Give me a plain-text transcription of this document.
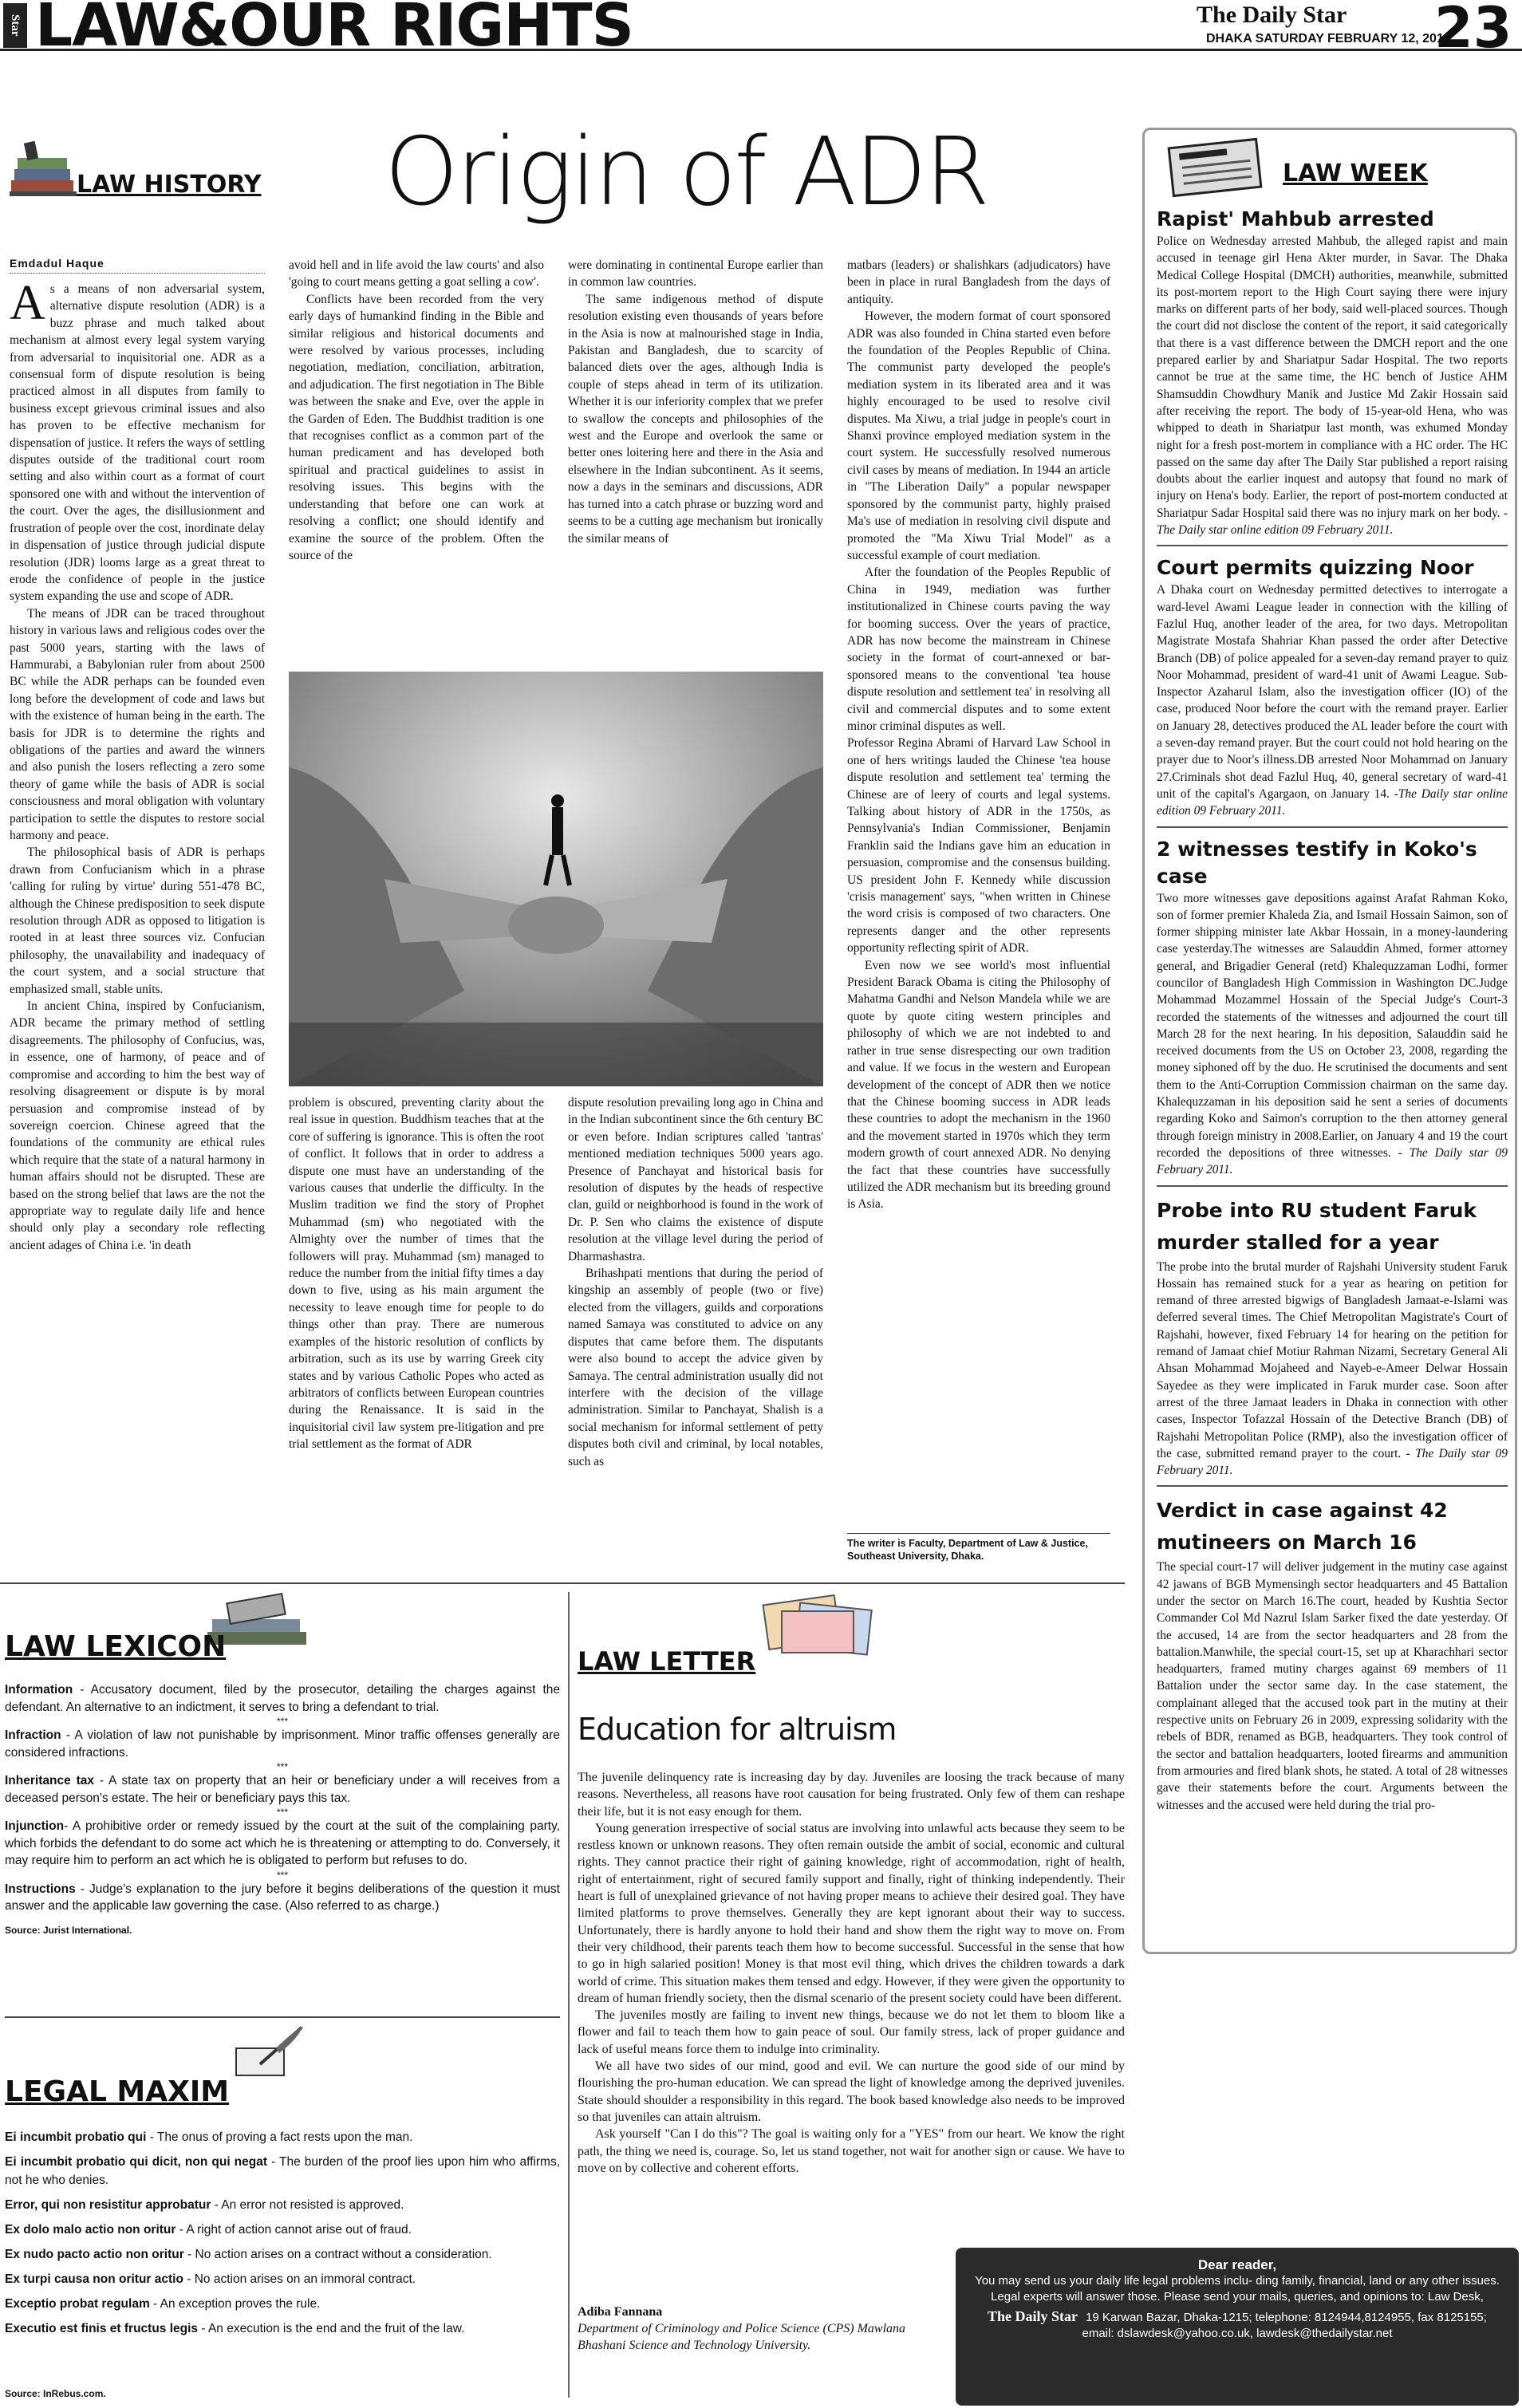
Star LAW&OUR RIGHTS	The Daily Star
DHAKA SATURDAY FEBRUARY 12, 2011
23
LAW HISTORY	Origin of ADR
Emdadul Haque

As a means of non adversarial system, alternative dispute resolution (ADR) is a buzz phrase and much talked about mechanism at almost every legal system varying from adversarial to inquisitorial one. ADR as a consensual form of dispute resolution is being practiced almost in all disputes from family to business except grievous criminal issues and also has proven to be effective mechanism for dispensation of justice. It refers the ways of settling disputes outside of the traditional court room setting and also within court as a format of court sponsored one with and without the intervention of the court. Over the ages, the disillusionment and frustration of people over the cost, inordinate delay in dispensation of justice through judicial dispute resolution (JDR) looms large as a great threat to erode the confidence of people in the justice system expanding the use and scope of ADR.

The means of JDR can be traced throughout history in various laws and religious codes over the past 5000 years, starting with the laws of Hammurabi, a Babylonian ruler from about 2500 BC while the ADR perhaps can be founded even long before the development of code and laws but with the existence of human being in the earth. The basis for JDR is to determine the rights and obligations of the parties and award the winners and also punish the losers reflecting a zero some theory of game while the basis of ADR is social consciousness and moral obligation with voluntary participation to settle the disputes to restore social harmony and peace.

The philosophical basis of ADR is perhaps drawn from Confucianism which in a phrase 'calling for ruling by virtue' during 551-478 BC, although the Chinese predisposition to seek dispute resolution through ADR as opposed to litigation is rooted in at least three sources viz. Confucian philosophy, the unavailability and inadequacy of the court system, and a social structure that emphasized small, stable units.

In ancient China, inspired by Confucianism, ADR became the primary method of settling disagreements. The philosophy of Confucius, was, in essence, one of harmony, of peace and of compromise and according to him the best way of resolving disagreement or dispute is by moral persuasion and compromise instead of by sovereign coercion. Chinese agreed that the foundations of the community are ethical rules which require that the state of a natural harmony in human affairs should not be disrupted. These are based on the strong belief that laws are the not the appropriate way to regulate daily life and hence should only play a secondary role reflecting ancient adages of China i.e. 'in death

avoid hell and in life avoid the law courts' and also 'going to court means getting a goat selling a cow'.

Conflicts have been recorded from the very early days of humankind finding in the Bible and similar religious and historical documents and were resolved by various processes, including negotiation, mediation, conciliation, arbitration, and adjudication. The first negotiation in The Bible was between the snake and Eve, over the apple in the Garden of Eden. The Buddhist tradition is one that recognises conflict as a common part of the human predicament and has developed both spiritual and practical guidelines to assist in resolving issues. This begins with the understanding that before one can work at resolving a conflict; one should identify and examine the source of the problem. Often the source of the

were dominating in continental Europe earlier than in common law countries.

The same indigenous method of dispute resolution existing even thousands of years before in the Asia is now at malnourished stage in India, Pakistan and Bangladesh, due to scarcity of balanced diets over the ages, although India is couple of steps ahead in term of its utilization. Whether it is our inferiority complex that we prefer to swallow the concepts and philosophies of the west and the Europe and overlook the same or better ones loitering here and there in the Asia and elsewhere in the Indian subcontinent. As it seems, now a days in the seminars and discussions, ADR has turned into a catch phrase or buzzing word and seems to be a cutting age mechanism but ironically the similar means of

problem is obscured, preventing clarity about the real issue in question. Buddhism teaches that at the core of suffering is ignorance. This is often the root of conflict. It follows that in order to address a dispute one must have an understanding of the various causes that underlie the difficulty. In the Muslim tradition we find the story of Prophet Muhammad (sm) who negotiated with the Almighty over the number of times that the followers will pray. Muhammad (sm) managed to reduce the number from the initial fifty times a day down to five, using as his main argument the necessity to leave enough time for people to do things other than pray. There are numerous examples of the historic resolution of conflicts by arbitration, such as its use by warring Greek city states and by various Catholic Popes who acted as arbitrators of conflicts between European countries during the Renaissance. It is said in the inquisitorial civil law system pre-litigation and pre trial settlement as the format of ADR

dispute resolution prevailing long ago in China and in the Indian subcontinent since the 6th century BC or even before. Indian scriptures called 'tantras' mentioned mediation techniques 5000 years ago. Presence of Panchayat and historical basis for resolution of disputes by the heads of respective clan, guild or neighborhood is found in the work of Dr. P. Sen who claims the existence of dispute resolution at the village level during the period of Dharmashastra.

Brihashpati mentions that during the period of kingship an assembly of people (two or five) elected from the villagers, guilds and corporations named Samaya was constituted to advice on any disputes that came before them. The disputants were also bound to accept the advice given by Samaya. The central administration usually did not interfere with the decision of the village administration. Similar to Panchayat, Shalish is a social mechanism for informal settlement of petty disputes both civil and criminal, by local notables, such as

matbars (leaders) or shalishkars (adjudicators) have been in place in rural Bangladesh from the days of antiquity.

However, the modern format of court sponsored ADR was also founded in China started even before the foundation of the Peoples Republic of China. The communist party developed the people's mediation system in its liberated area and it was highly encouraged to be used to resolve civil disputes. Ma Xiwu, a trial judge in people's court in Shanxi province employed mediation system in the court system. He successfully resolved numerous civil cases by means of mediation. In 1944 an article in "The Liberation Daily" a popular newspaper sponsored by the communist party, highly praised Ma's use of mediation in resolving civil dispute and promoted the "Ma Xiwu Trial Model" as a successful example of court mediation.

After the foundation of the Peoples Republic of China in 1949, mediation was further institutionalized in Chinese courts paving the way for booming success. Over the years of practice, ADR has now become the mainstream in Chinese society in the format of court-annexed or bar-sponsored means to the conventional 'tea house dispute resolution and settlement tea' in resolving all civil and commercial disputes and to some extent minor criminal disputes as well.

Professor Regina Abrami of Harvard Law School in one of hers writings lauded the Chinese 'tea house dispute resolution and settlement tea' terming the Chinese are of leery of courts and legal systems. Talking about history of ADR in the 1750s, as Pennsylvania's Indian Commissioner, Benjamin Franklin said the Indians gave him an education in persuasion, compromise and the consensus building. US president John F. Kennedy while discussion 'crisis management' says, "when written in Chinese the word crisis is composed of two characters. One represents danger and the other represents opportunity reflecting spirit of ADR.

Even now we see world's most influential President Barack Obama is citing the Philosophy of Mahatma Gandhi and Nelson Mandela while we are quote by quote citing western principles and philosophy of which we are not indebted to and rather in true sense disrespecting our own tradition and value. If we focus in the western and European development of the concept of ADR then we notice that the Chinese booming success in ADR leads these countries to adopt the mechanism in the 1960 and the movement started in 1970s which they term modern growth of court annexed ADR. No denying the fact that these countries have successfully utilized the ADR mechanism but its breeding ground is Asia.

The writer is Faculty, Department of Law & Justice, Southeast University, Dhaka.
LAW WEEK
Rapist' Mahbub arrested
Police on Wednesday arrested Mahbub, the alleged rapist and main accused in teenage girl Hena Akter murder, in Savar. The Dhaka Medical College Hospital (DMCH) authorities, meanwhile, submitted its post-mortem report to the High Court saying there were injury marks on different parts of her body, said well-placed sources. Though the court did not disclose the content of the report, it said categorically that there is a vast difference between the DMCH report and the one prepared earlier by and Shariatpur Sadar Hospital. The two reports cannot be true at the same time, the HC bench of Justice AHM Shamsuddin Chowdhury Manik and Justice Md Zakir Hossain said after receiving the report. The body of 15-year-old Hena, who was whipped to death in Shariatpur last month, was exhumed Monday night for a fresh post-mortem in compliance with a HC order. The HC passed on the same day after The Daily Star published a report raising doubts about the earlier inquest and autopsy that found no mark of injury on Hena's body. Earlier, the report of post-mortem conducted at Shariatpur Sadar Hospital said there was no injury mark on her body. -The Daily star online edition 09 February 2011.
Court permits quizzing Noor
A Dhaka court on Wednesday permitted detectives to interrogate a ward-level Awami League leader in connection with the killing of Fazlul Huq, another leader of the area, for two days. Metropolitan Magistrate Mostafa Shahriar Khan passed the order after Detective Branch (DB) of police appealed for a seven-day remand prayer to quiz Noor Mohammad, president of ward-41 unit of Awami League. Sub-Inspector Azaharul Islam, also the investigation officer (IO) of the case, produced Noor before the court with the remand prayer. Earlier on January 28, detectives produced the AL leader before the court with a seven-day remand prayer. But the court could not hold hearing on the prayer due to Noor's illness.DB arrested Noor Mohammad on January 27.Criminals shot dead Fazlul Huq, 40, general secretary of ward-41 unit of the capital's Agargaon, on January 14. -The Daily star online edition 09 February 2011.
2 witnesses testify in Koko's case
Two more witnesses gave depositions against Arafat Rahman Koko, son of former premier Khaleda Zia, and Ismail Hossain Saimon, son of former shipping minister late Akbar Hossain, in a money-laundering case yesterday.The witnesses are Salauddin Ahmed, former attorney general, and Brigadier General (retd) Khalequzzaman Lodhi, former councilor of Bangladesh High Commission in Washington DC.Judge Mohammad Mozammel Hossain of the Special Judge's Court-3 recorded the statements of the witnesses and adjourned the court till March 28 for the next hearing. In his deposition, Salauddin said he received documents from the US on October 23, 2008, regarding the money siphoned off by the duo. He scrutinised the documents and sent them to the Anti-Corruption Commission chairman on the same day. Khalequzzaman in his deposition said he sent a series of documents regarding Koko and Saimon's corruption to the then attorney general through foreign ministry in 2008.Earlier, on January 4 and 19 the court recorded the depositions of three witnesses. - The Daily star 09 February 2011.
Probe into RU student Faruk murder stalled for a year
The probe into the brutal murder of Rajshahi University student Faruk Hossain has remained stuck for a year as hearing on petition for remand of three arrested bigwigs of Bangladesh Jamaat-e-Islami was deferred several times. The Chief Metropolitan Magistrate's Court of Rajshahi, however, fixed February 14 for hearing on the petition for remand of Jamaat chief Motiur Rahman Nizami, Secretary General Ali Ahsan Mohammad Mojaheed and Nayeb-e-Ameer Delwar Hossain Sayedee as they were implicated in Faruk murder case. Soon after arrest of the three Jamaat leaders in Dhaka in connection with other cases, Inspector Tofazzal Hossain of the Detective Branch (DB) of Rajshahi Metropolitan Police (RMP), also the investigation officer of the case, submitted remand prayer to the court. - The Daily star 09 February 2011.
Verdict in case against 42 mutineers on March 16
The special court-17 will deliver judgement in the mutiny case against 42 jawans of BGB Mymensingh sector headquarters and 45 Battalion under the sector on March 16.The court, headed by Kushtia Sector Commander Col Md Nazrul Islam Sarker fixed the date yesterday. Of the accused, 14 are from the sector headquarters and 28 from the battalion.Manwhile, the special court-15, set up at Kharachhari sector headquarters, framed mutiny charges against 69 members of 11 Battalion under the sector same day. In the case statement, the complainant alleged that the accused took part in the mutiny at their respective units on February 26 in 2009, expressing solidarity with the rebels of BDR, renamed as BGB, headquarters. They took control of the sector and battalion headquarters, looted firearms and ammunition from armouries and fired blank shots, he stated. A total of 28 witnesses gave their statements before the court. Arguments between the witnesses and the accused were held during the trial pro-
LAW LEXICON

Information - Accusatory document, filed by the prosecutor, detailing the charges against the defendant. An alternative to an indictment, it serves to bring a defendant to trial.

***

Infraction - A violation of law not punishable by imprisonment. Minor traffic offenses generally are considered infractions.

***

Inheritance tax - A state tax on property that an heir or beneficiary under a will receives from a deceased person's estate. The heir or beneficiary pays this tax.

***

Injunction- A prohibitive order or remedy issued by the court at the suit of the complaining party, which forbids the defendant to do some act which he is threatening or attempting to do. Conversely, it may require him to perform an act which he is obligated to perform but refuses to do.

***

Instructions - Judge's explanation to the jury before it begins deliberations of the question it must answer and the applicable law governing the case. (Also referred to as charge.)

Source: Jurist International.
LEGAL MAXIM

Ei incumbit probatio qui - The onus of proving a fact rests upon the man.

Ei incumbit probatio qui dicit, non qui negat - The burden of the proof lies upon him who affirms, not he who denies.

Error, qui non resistitur approbatur - An error not resisted is approved.

Ex dolo malo actio non oritur - A right of action cannot arise out of fraud.

Ex nudo pacto actio non oritur - No action arises on a contract without a consideration.

Ex turpi causa non oritur actio - No action arises on an immoral contract.

Exceptio probat regulam - An exception proves the rule.

Executio est finis et fructus legis - An execution is the end and the fruit of the law.

Source: InRebus.com.
LAW LETTER
Education for altruism

The juvenile delinquency rate is increasing day by day. Juveniles are loosing the track because of many reasons. Nevertheless, all reasons have root causation for being frustrated. Only few of them can reshape their life, but it is not easy enough for them.

Young generation irrespective of social status are involving into unlawful acts because they seem to be restless known or unknown reasons. They often remain outside the ambit of social, economic and cultural rights. They cannot practice their right of gaining knowledge, right of accommodation, right of health, right of entertainment, right of secured family support and finally, right of thinking independently. Their heart is full of unexplained grievance of not having proper means to achieve their desired goal. They have limited platforms to prove themselves. Generally they are kept ignorant about their way to success. Unfortunately, there is hardly anyone to hold their hand and show them the right way to move on. From their very childhood, their parents teach them how to become successful. Successful in the sense that how to go in high salaried position! Money is that most evil thing, which drives the children towards a dark world of crime. This situation makes them tensed and edgy. However, if they were given the opportunity to dream of human friendly society, then the dismal scenario of the present society could have been different.

The juveniles mostly are failing to invent new things, because we do not let them to bloom like a flower and fail to teach them how to gain peace of soul. Our family stress, lack of proper guidance and lack of useful means force them to indulge into criminality.

We all have two sides of our mind, good and evil. We can nurture the good side of our mind by flourishing the pro-human education. We can spread the light of knowledge among the deprived juveniles. State should shoulder a responsibility in this regard. The book based knowledge also needs to be improved so that juveniles can attain altruism.

Ask yourself "Can I do this"? The goal is waiting only for a "YES" from our heart. We know the right path, the thing we need is, courage. So, let us stand together, not wait for another sign or cause. We have to move on by collective and coherent efforts.

Adiba Fannana
Department of Criminology and Police Science (CPS) Mawlana Bhashani Science and Technology University.
Dear reader,
You may send us your daily life legal problems inclu- ding family, financial, land or any other issues. Legal experts will answer those. Please send your mails, queries, and opinions to: Law Desk,
The Daily Star 19 Karwan Bazar, Dhaka-1215; telephone: 8124944,8124955, fax 8125155; email: dslawdesk@yahoo.co.uk, lawdesk@thedailystar.net
